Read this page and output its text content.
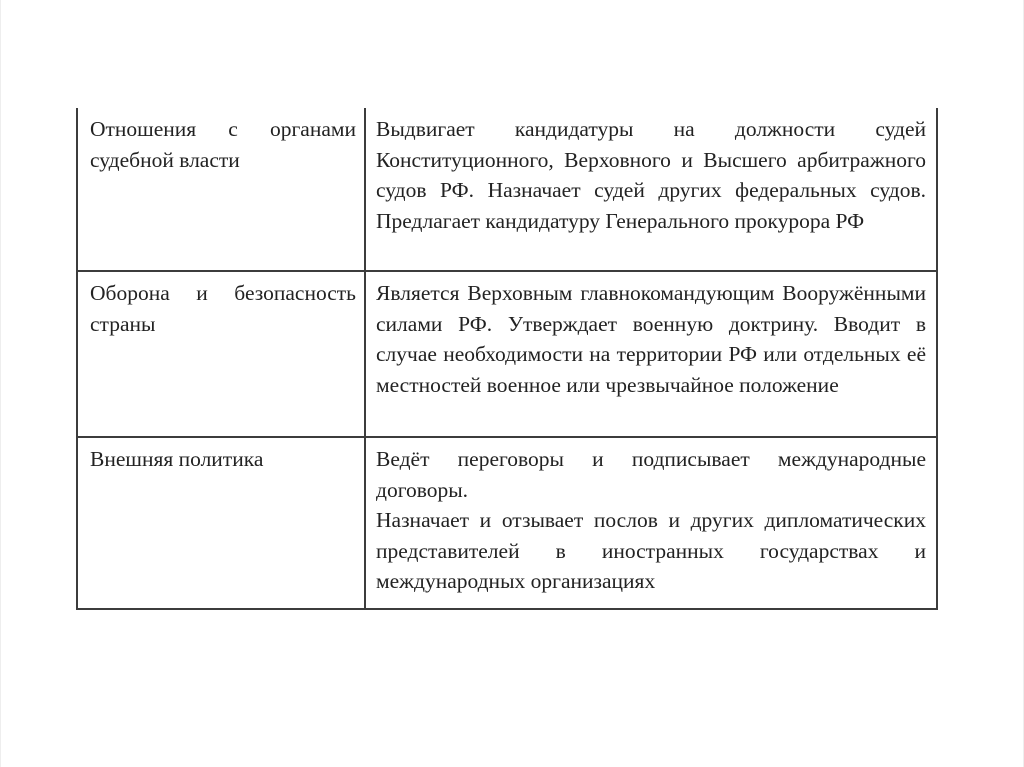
Отношения с органами судебной власти	Выдвигает кандидатуры на должности судей Конституционного, Верховного и Высшего арбитражного судов РФ. Назначает судей других федеральных судов. Предлагает кандидатуру Генерального прокурора РФ

Оборона и безопасность страны	Является Верховным главнокомандующим Вооружёнными силами РФ. Утверждает военную доктрину. Вводит в случае необходимости на территории РФ или отдельных её местностей военное или чрезвычайное положение

Внешняя политика	Ведёт переговоры и подписывает международные договоры.
Назначает и отзывает послов и других дипломатических представителей в иностранных государствах и международных организациях
